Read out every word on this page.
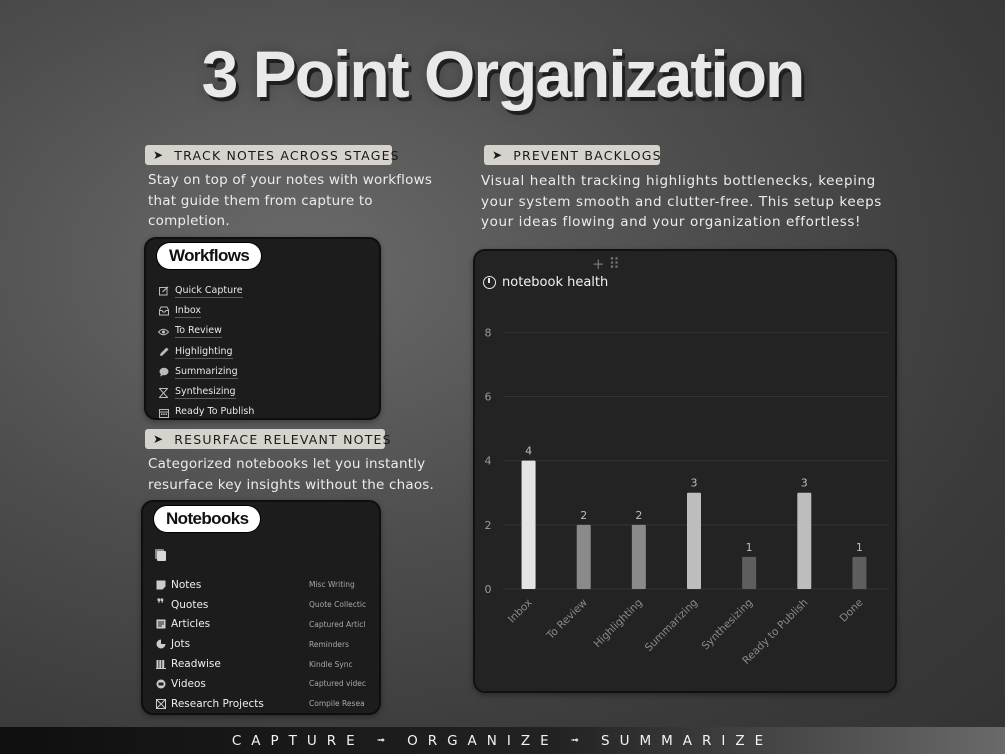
3 Point Organization
➤ TRACK NOTES ACROSS STAGES
Stay on top of your notes with workflows
that guide them from capture to
completion.
Workflows
Quick Capture
Inbox
To Review
Highlighting
Summarizing
Synthesizing
Ready To Publish
➤ RESURFACE RELEVANT NOTES
Categorized notebooks let you instantly
resurface key insights without the chaos.
Notebooks
Notes	Misc Writing
❞ Quotes	Quote Collectic
Articles	Captured Articl
Jots	Reminders
Readwise	Kindle Sync
Videos	Captured videc
Research Projects	Compile Resea
➤ PREVENT BACKLOGS
Visual health tracking highlights bottlenecks, keeping
your system smooth and clutter-free. This setup keeps
your ideas flowing and your organization effortless!
+⠿
notebook health
0
2
4
6
8
4
Inbox
2
To Review
2
Highlighting
3
Summarizing
1
Synthesizing
3
Ready to Publish
1
Done
CAPTURE ➟ ORGANIZE ➟ SUMMARIZE
